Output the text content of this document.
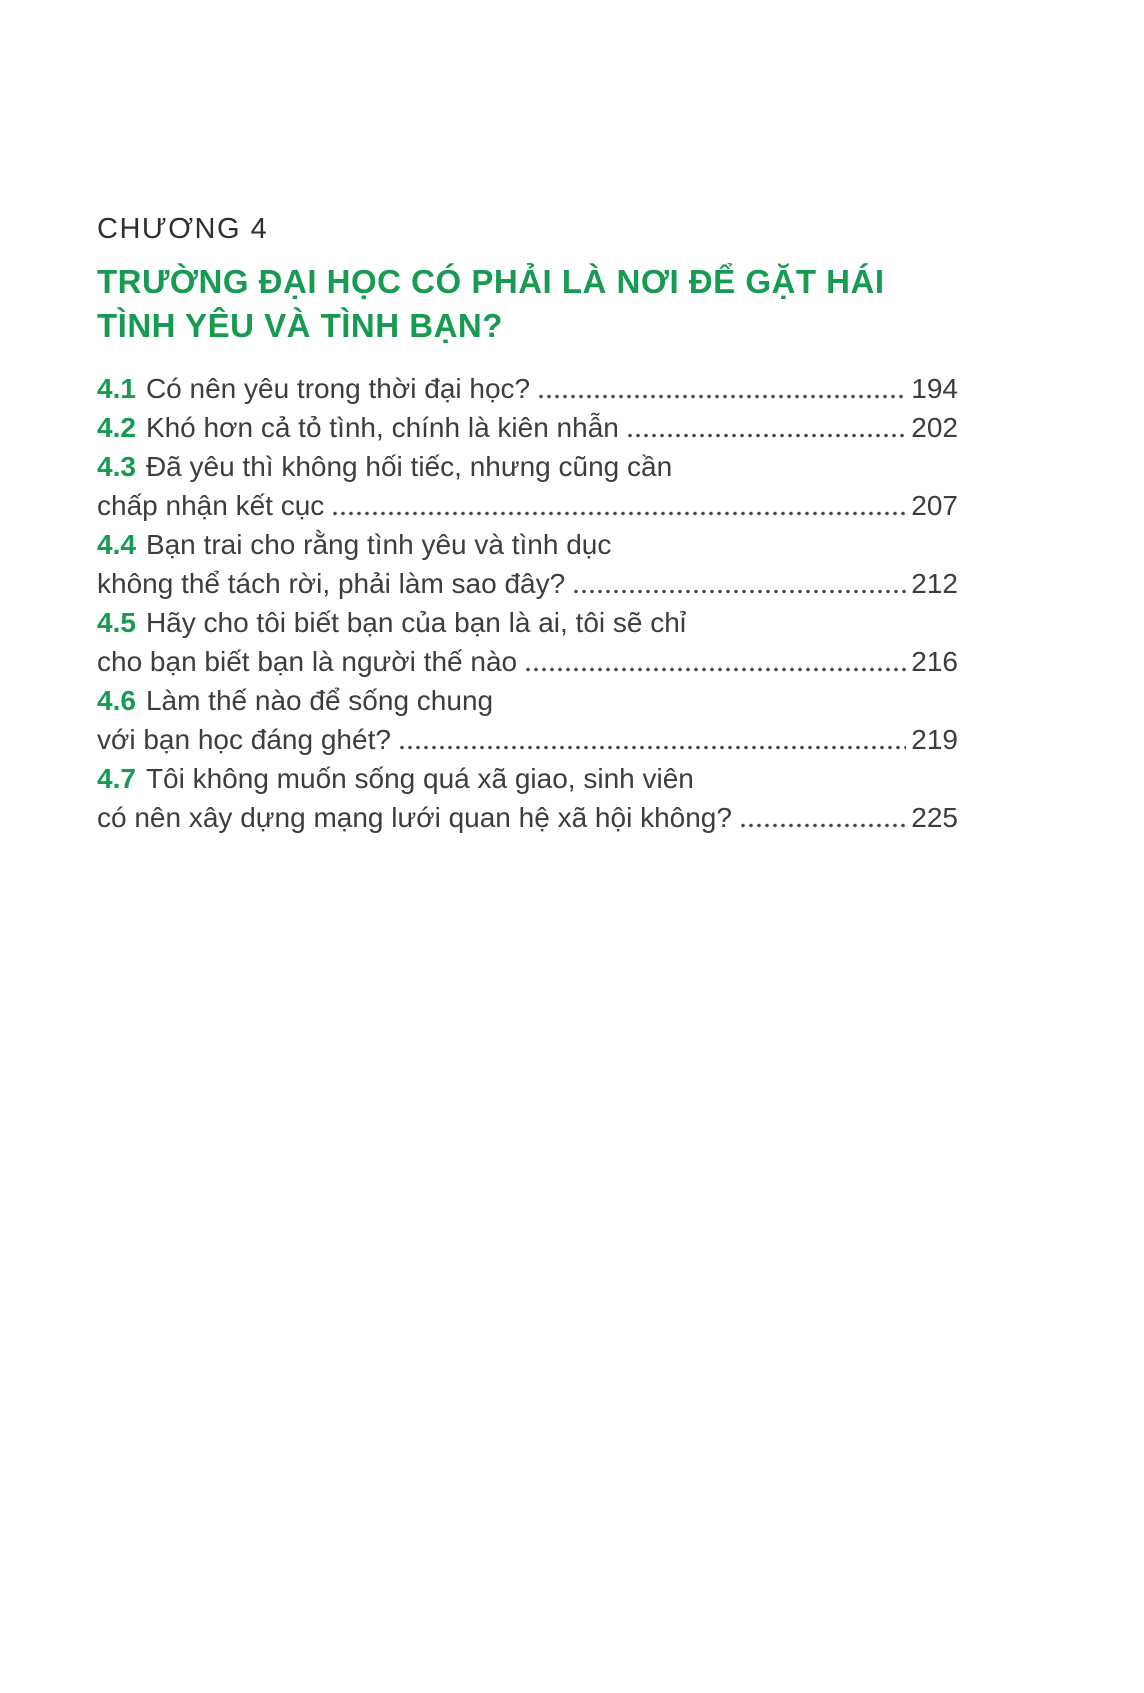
CHƯƠNG 4
TRƯỜNG ĐẠI HỌC CÓ PHẢI LÀ NƠI ĐỂ GẶT HÁI
TÌNH YÊU VÀ TÌNH BẠN?
4.1 Có nên yêu trong thời đại học?	194
4.2 Khó hơn cả tỏ tình, chính là kiên nhẫn	202
4.3 Đã yêu thì không hối tiếc, nhưng cũng cần
chấp nhận kết cục	207
4.4 Bạn trai cho rằng tình yêu và tình dục
không thể tách rời, phải làm sao đây?	212
4.5 Hãy cho tôi biết bạn của bạn là ai, tôi sẽ chỉ
cho bạn biết bạn là người thế nào	216
4.6 Làm thế nào để sống chung
với bạn học đáng ghét?	219
4.7 Tôi không muốn sống quá xã giao, sinh viên
có nên xây dựng mạng lưới quan hệ xã hội không?	225
